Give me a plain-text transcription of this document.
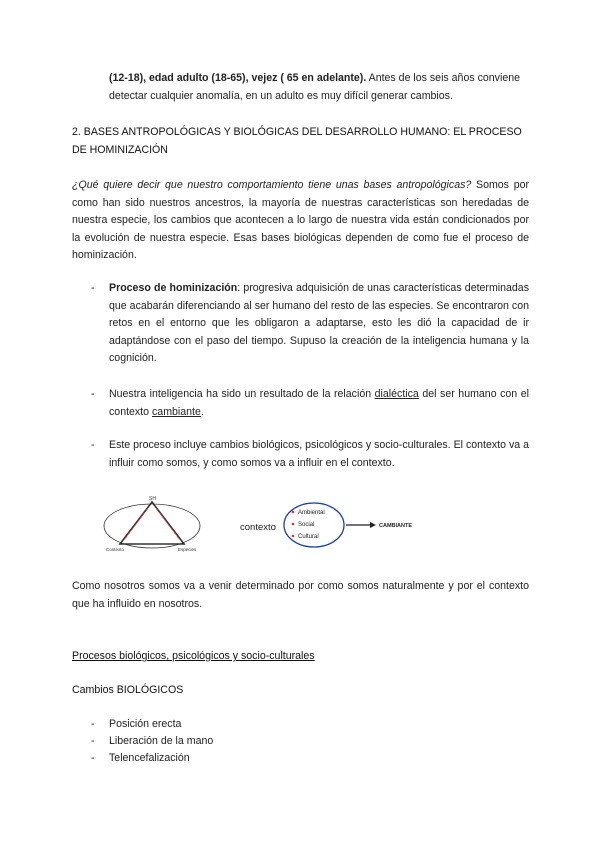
(12-18), edad adulto (18-65), vejez ( 65 en adelante). Antes de los seis años conviene detectar cualquier anomalía, en un adulto es muy difícil generar cambios.

2. BASES ANTROPOLÓGICAS Y BIOLÓGICAS DEL DESARROLLO HUMANO: EL PROCESO DE HOMINIZACIÓN

¿Qué quiere decir que nuestro comportamiento tiene unas bases antropológicas? Somos por como han sido nuestros ancestros, la mayoría de nuestras características son heredadas de nuestra especie, los cambios que acontecen a lo largo de nuestra vida están condicionados por la evolución de nuestra especie. Esas bases biológicas dependen de como fue el proceso de hominización.

- Proceso de hominización: progresiva adquisición de unas características determinadas que acabarán diferenciando al ser humano del resto de las especies. Se encontraron con retos en el entorno que les obligaron a adaptarse, esto les dió la capacidad de ir adaptándose con el paso del tiempo. Supuso la creación de la inteligencia humana y la cognición.
- Nuestra inteligencia ha sido un resultado de la relación dialéctica del ser humano con el contexto cambiante.
- Este proceso incluye cambios biológicos, psicológicos y socio-culturales. El contexto va a influir como somos, y como somos va a influir en el contexto.
SH
Contexto	Especies
contexto
Ambiental
Social
Cultural
CAMBIANTE

Como nosotros somos va a venir determinado por como somos naturalmente y por el contexto que ha influido en nosotros.

Procesos biológicos, psicológicos y socio-culturales
Cambios BIOLÓGICOS
- Posición erecta
- Liberación de la mano
- Telencefalización
